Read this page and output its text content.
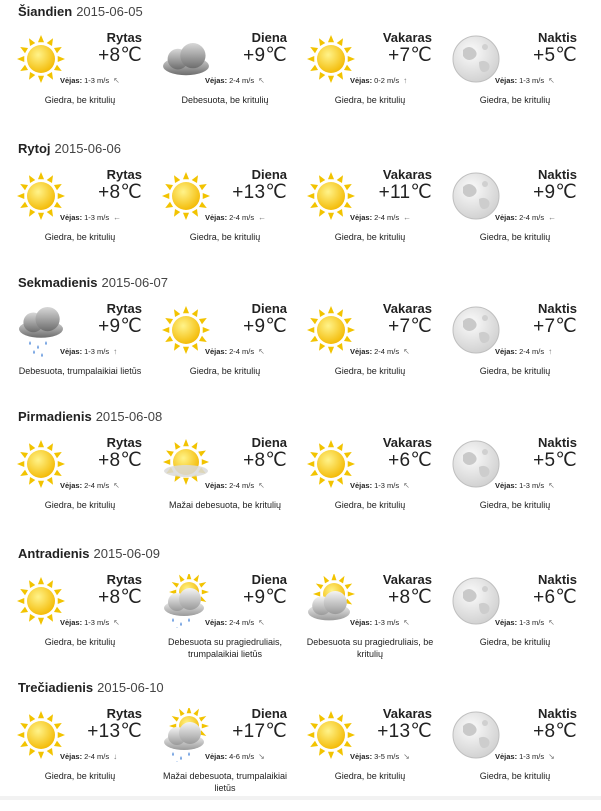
Šiandien 2015-06-05
Rytas
+8℃
Vėjas: 1-3 m/s ↖
Giedra, be kritulių
Diena
+9℃
Vėjas: 2-4 m/s ↖
Debesuota, be kritulių
Vakaras
+7℃
Vėjas: 0-2 m/s ↑
Giedra, be kritulių
Naktis
+5℃
Vėjas: 1-3 m/s ↖
Giedra, be kritulių
Rytoj 2015-06-06
Rytas
+8℃
Vėjas: 1-3 m/s ←
Giedra, be kritulių
Diena
+13℃
Vėjas: 2-4 m/s ←
Giedra, be kritulių
Vakaras
+11℃
Vėjas: 2-4 m/s ←
Giedra, be kritulių
Naktis
+9℃
Vėjas: 2-4 m/s ←
Giedra, be kritulių
Sekmadienis 2015-06-07
Rytas
+9℃
Vėjas: 1-3 m/s ↑
Debesuota, trumpalaikiai lietūs
Diena
+9℃
Vėjas: 2-4 m/s ↖
Giedra, be kritulių
Vakaras
+7℃
Vėjas: 2-4 m/s ↖
Giedra, be kritulių
Naktis
+7℃
Vėjas: 2-4 m/s ↑
Giedra, be kritulių
Pirmadienis 2015-06-08
Rytas
+8℃
Vėjas: 2-4 m/s ↖
Giedra, be kritulių
Diena
+8℃
Vėjas: 2-4 m/s ↖
Mažai debesuota, be kritulių
Vakaras
+6℃
Vėjas: 1-3 m/s ↖
Giedra, be kritulių
Naktis
+5℃
Vėjas: 1-3 m/s ↖
Giedra, be kritulių
Antradienis 2015-06-09
Rytas
+8℃
Vėjas: 1-3 m/s ↖
Giedra, be kritulių
Diena
+9℃
Vėjas: 2-4 m/s ↖
Debesuota su pragiedruliais, trumpalaikiai lietūs
Vakaras
+8℃
Vėjas: 1-3 m/s ↖
Debesuota su pragiedruliais, be kritulių
Naktis
+6℃
Vėjas: 1-3 m/s ↖
Giedra, be kritulių
Trečiadienis 2015-06-10
Rytas
+13℃
Vėjas: 2-4 m/s ↓
Giedra, be kritulių
Diena
+17℃
Vėjas: 4-6 m/s ↘
Mažai debesuota, trumpalaikiai lietūs
Vakaras
+13℃
Vėjas: 3-5 m/s ↘
Giedra, be kritulių
Naktis
+8℃
Vėjas: 1-3 m/s ↘
Giedra, be kritulių
